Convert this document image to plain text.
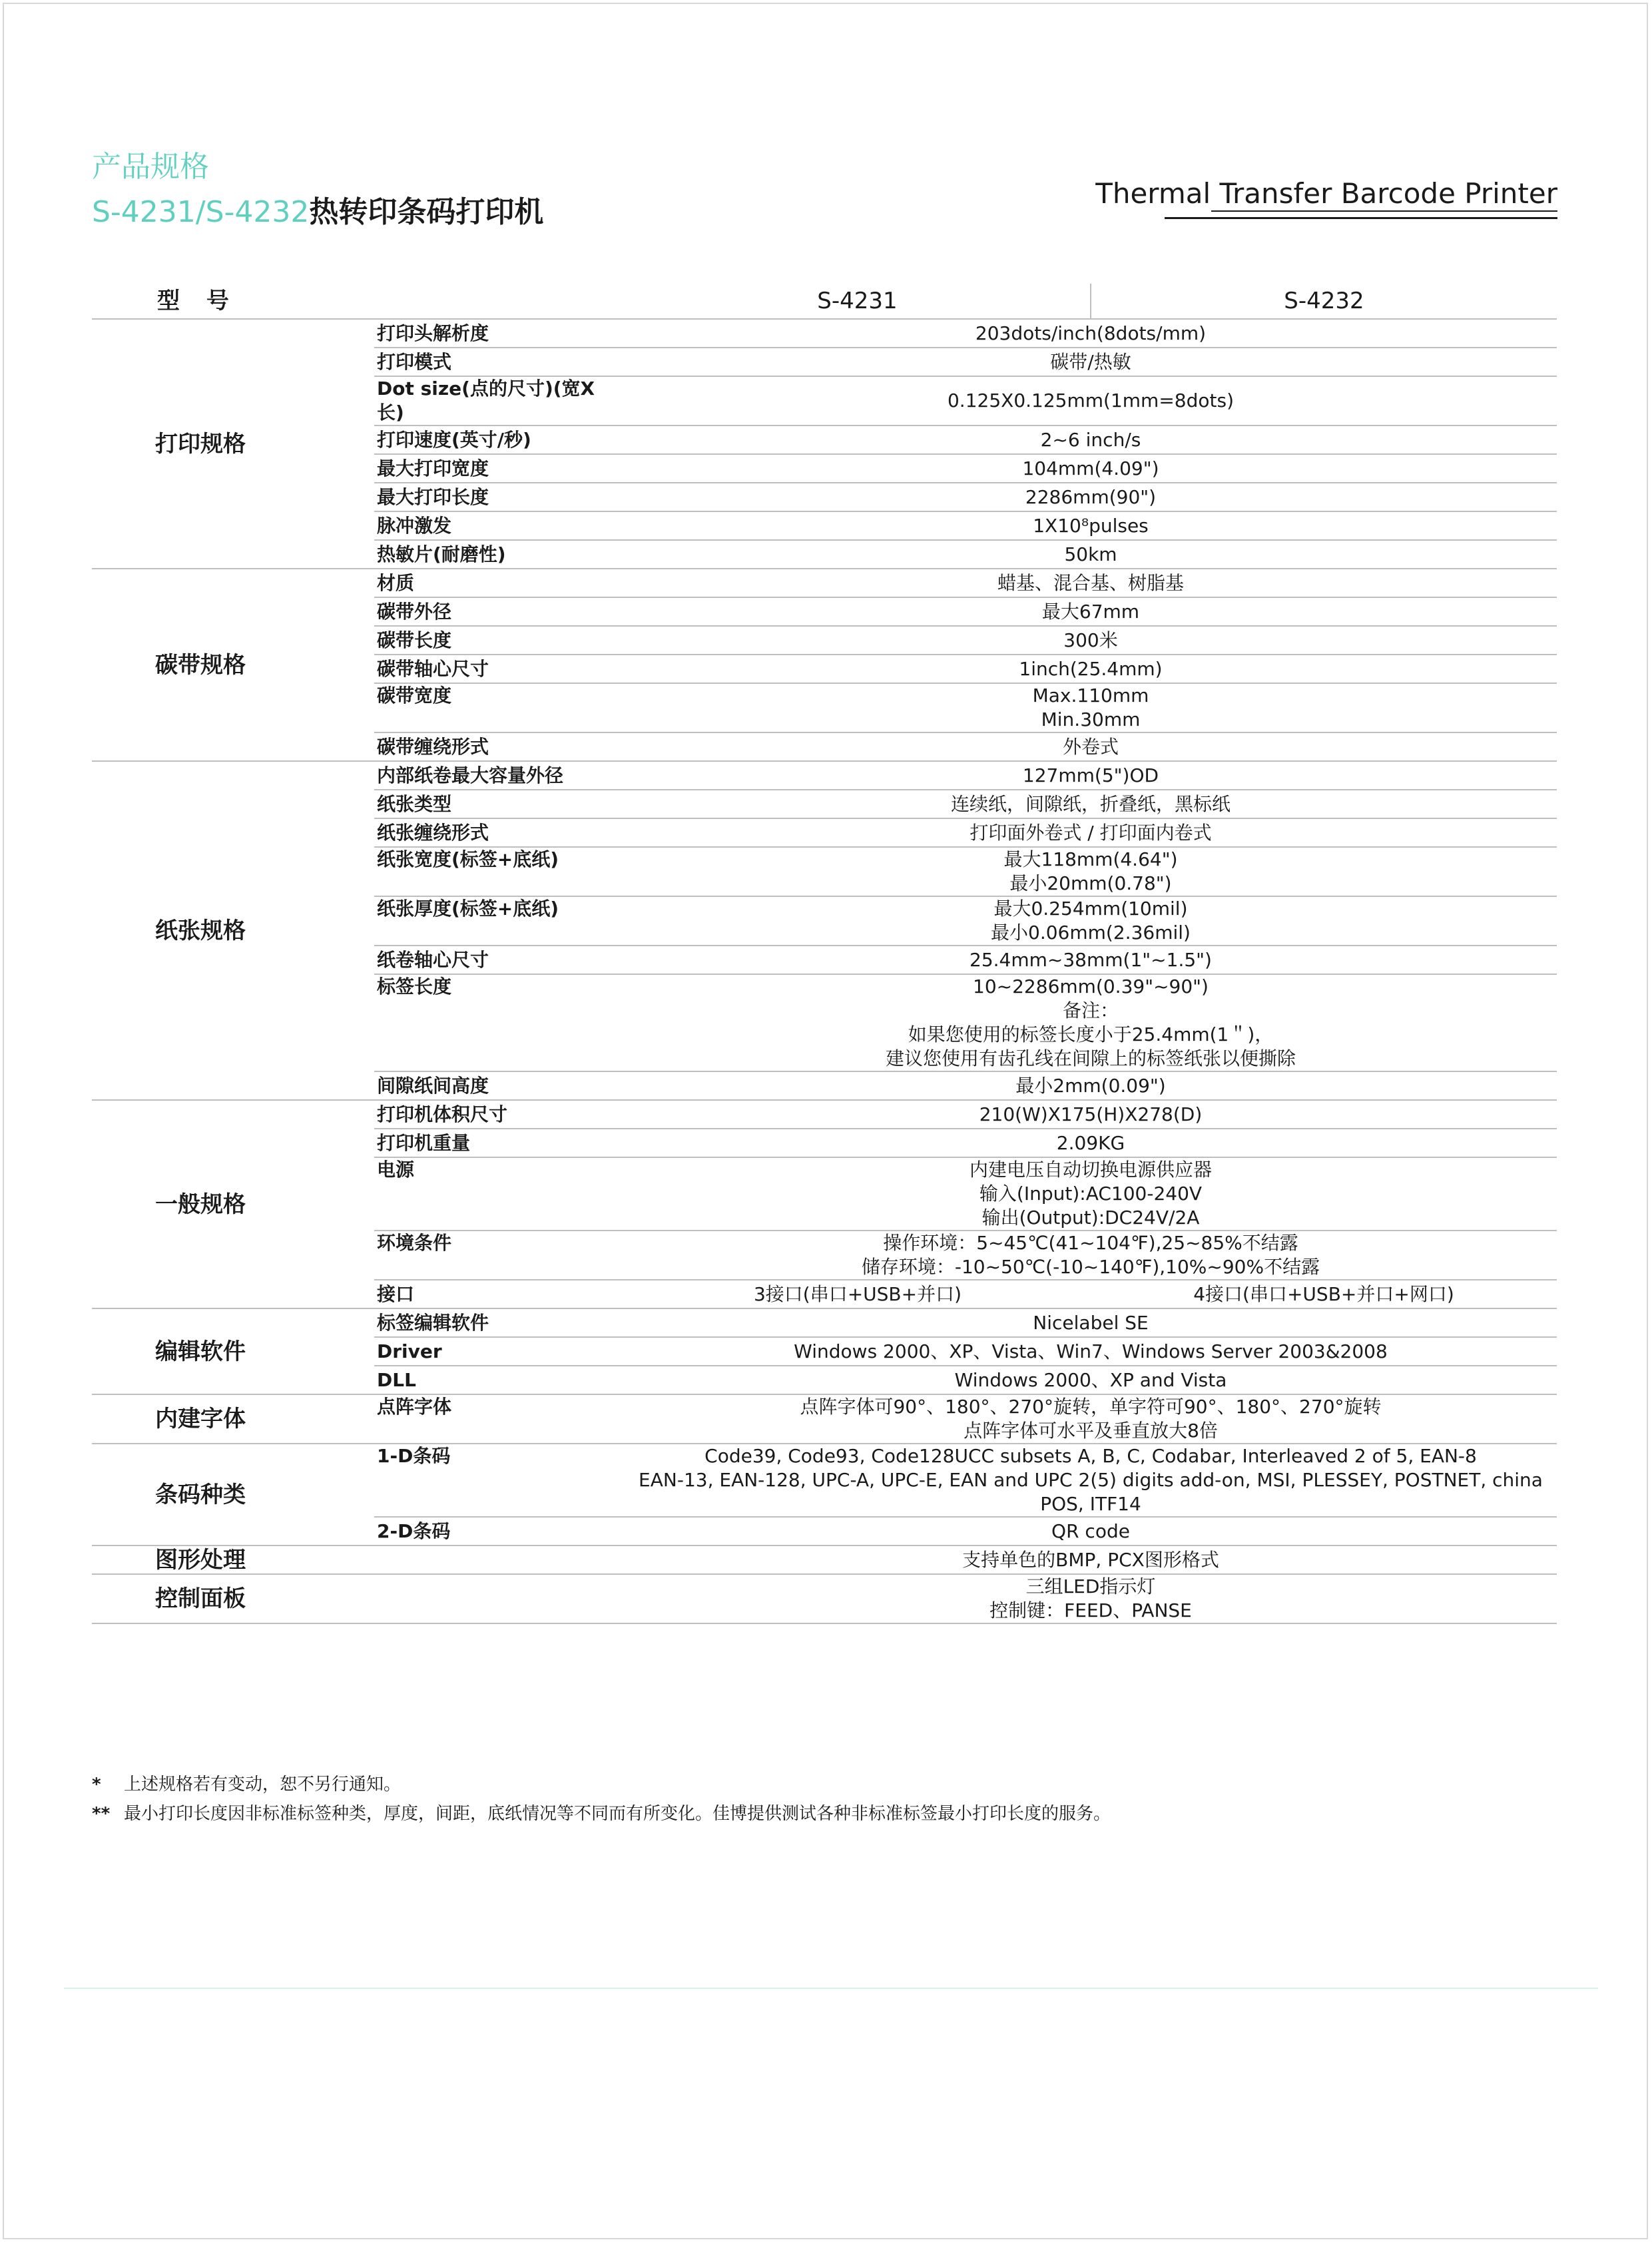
产品规格
S-4231/S-4232热转印条码打印机
Thermal Transfer Barcode Printer
型 号		S-4231	S-4232
打印规格	打印头解析度	203dots/inch(8dots/mm)	

	打印模式	碳带/热敏	

	Dot size(点的尺寸)(宽X长)	0.125X0.125mm(1mm=8dots)	

	打印速度(英寸/秒)	2~6 inch/s	

	最大打印宽度	104mm(4.09")	

	最大打印长度	2286mm(90")	

	脉冲激发	1X10⁸pulses	

	热敏片(耐磨性)	50km	

碳带规格	材质	蜡基、混合基、树脂基	

	碳带外径	最大67mm	

	碳带长度	300米	

	碳带轴心尺寸	1inch(25.4mm)	

	碳带宽度	Max.110mm
Min.30mm	

	碳带缠绕形式	外卷式	

纸张规格	内部纸卷最大容量外径	127mm(5")OD	

	纸张类型	连续纸，间隙纸，折叠纸，黑标纸	

	纸张缠绕形式	打印面外卷式 / 打印面内卷式	

	纸张宽度(标签+底纸)	最大118mm(4.64")
最小20mm(0.78")	

	纸张厚度(标签+底纸)	最大0.254mm(10mil)
最小0.06mm(2.36mil)	

	纸卷轴心尺寸	25.4mm~38mm(1"~1.5")	

	标签长度	10~2286mm(0.39"~90")
备注：
如果您使用的标签长度小于25.4mm(1＂)，
建议您使用有齿孔线在间隙上的标签纸张以便撕除	

	间隙纸间高度	最小2mm(0.09")	

一般规格	打印机体积尺寸	210(W)X175(H)X278(D)	

	打印机重量	2.09KG	

	电源	内建电压自动切换电源供应器
输入(Input):AC100-240V
输出(Output):DC24V/2A	

	环境条件	操作环境：5~45℃(41~104℉),25~85%不结露
储存环境：-10~50℃(-10~140℉),10%~90%不结露	

	接口	3接口(串口+USB+并口)	4接口(串口+USB+并口+网口)
编辑软件	标签编辑软件	Nicelabel SE	

	Driver	Windows 2000、XP、Vista、Win7、Windows Server 2003&2008	

	DLL	Windows 2000、XP and Vista	

内建字体	点阵字体	点阵字体可90°、180°、270°旋转，单字符可90°、180°、270°旋转
点阵字体可水平及垂直放大8倍	

条码种类	1-D条码	Code39, Code93, Code128UCC subsets A, B, C, Codabar, Interleaved 2 of 5, EAN-8
EAN-13, EAN-128, UPC-A, UPC-E, EAN and UPC 2(5) digits add-on, MSI, PLESSEY, POSTNET, china
POS, ITF14	

	2-D条码	QR code	

图形处理		支持单色的BMP, PCX图形格式	

控制面板		三组LED指示灯
控制键：FEED、PANSE	
* 上述规格若有变动，恕不另行通知。
** 最小打印长度因非标准标签种类，厚度，间距，底纸情况等不同而有所变化。佳博提供测试各种非标准标签最小打印长度的服务。
